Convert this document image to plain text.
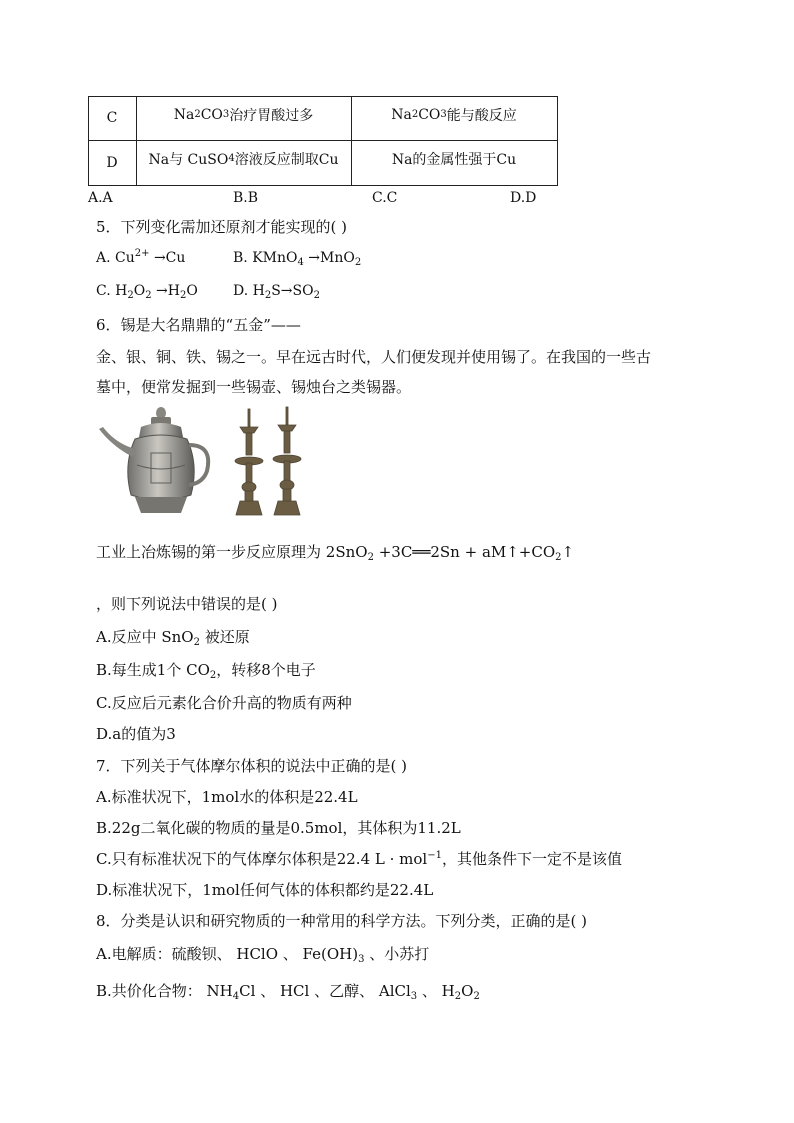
C	Na 2 CO 3 治疗胃酸过多	Na 2 CO 3 能与酸反应
D Na与 CuSO 4 溶液反应制取Cu	Na的金属性强于Cu
A.A	B.B	C.C	D.D
5．下列变化需加还原剂才能实现的( )
A. $Cu^{2+} \to Cu$	B. KMnO$_4$ →MnO$_2$
C. $H_2O_2 \to H_2O$	D. $H_2S\to SO_2$
6．锡是大名鼎鼎的“五金”——
金、银、铜、铁、锡之一。早在远古时代，人们便发现并使用锡了。在我国的一些古
墓中，便常发掘到一些锡壶、锡烛台之类锡器。
工业上冶炼锡的第一步反应原理为 2SnO$_2$ +3C══2Sn + $aM↑+CO_2↑$
，则下列说法中错误的是( )
A.反应中 SnO$_2$ 被还原
B.每生成1个 $CO_2$，转移8个电子
C.反应后元素化合价升高的物质有两种
D.a的值为3
7．下列关于气体摩尔体积的说法中正确的是( )
A.标准状况下，1mol水的体积是22.4L
B.22g二氧化碳的物质的量是0.5mol，其体积为11.2L
C.只有标准状况下的气体摩尔体积是22.4 L · mol$^{-1}$，其他条件下一定不是该值
D.标准状况下，1mol任何气体的体积都约是22.4L
8．分类是认识和研究物质的一种常用的科学方法。下列分类，正确的是( )
A.电解质：硫酸钡、 HClO 、 $Fe(OH)_3$ 、小苏打
B.共价化合物： $NH_4Cl$ 、 HCl 、乙醇、 AlCl$_3$ 、 $H_2O_2$
